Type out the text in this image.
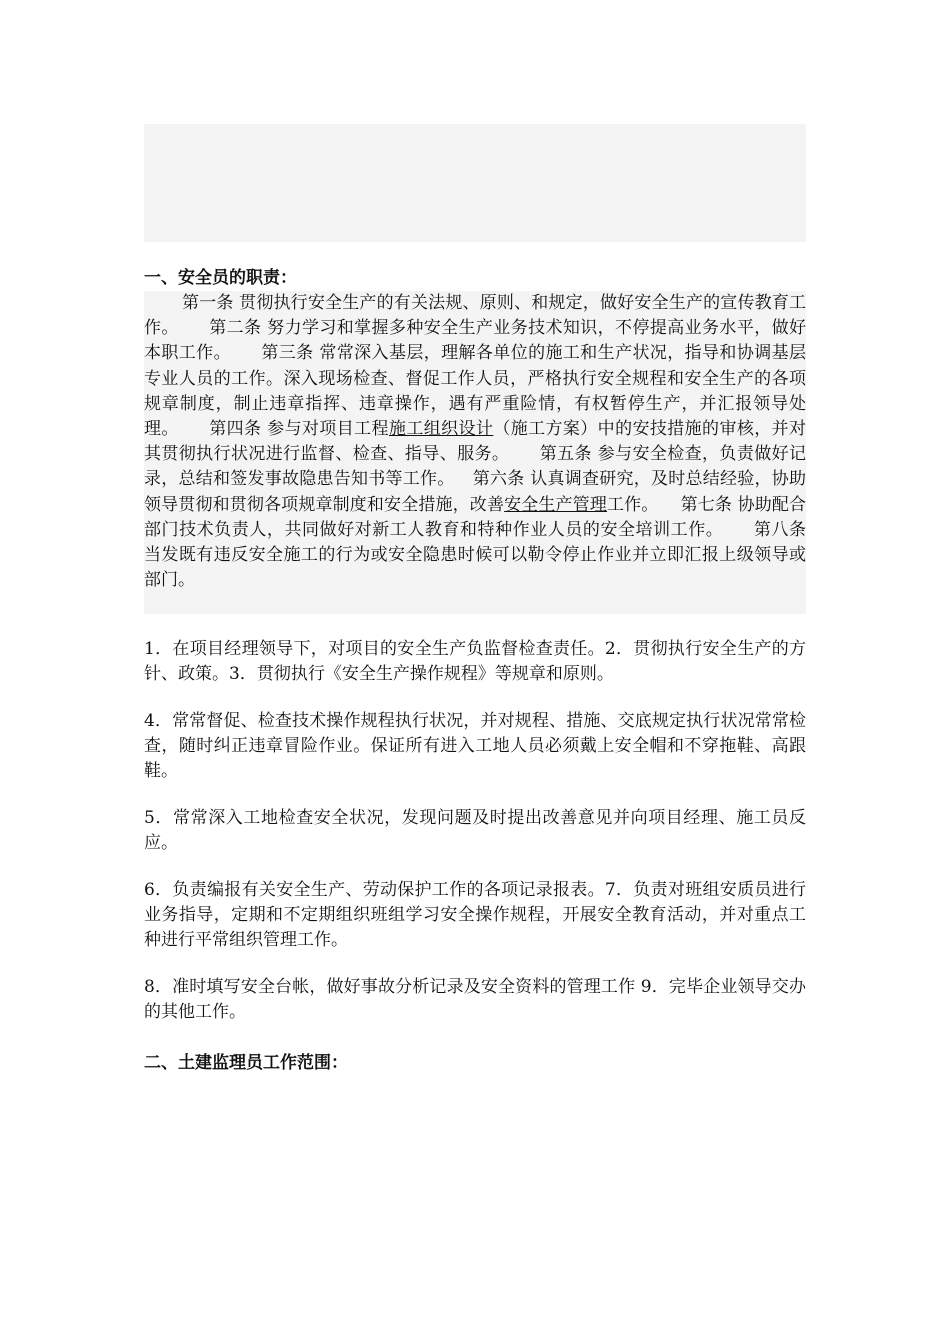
一、安全员的职责：
第一条 贯彻执行安全生产的有关法规、原则、和规定，做好安全生产的宣传教育工作。 第二条 努力学习和掌握多种安全生产业务技术知识，不停提高业务水平，做好本职工作。 第三条 常常深入基层，理解各单位的施工和生产状况，指导和协调基层专业人员的工作。深入现场检查、督促工作人员，严格执行安全规程和安全生产的各项规章制度，制止违章指挥、违章操作，遇有严重险情，有权暂停生产，并汇报领导处理。 第四条 参与对项目工程施工组织设计（施工方案）中的安技措施的审核，并对其贯彻执行状况进行监督、检查、指导、服务。 第五条 参与安全检查，负责做好记录，总结和签发事故隐患告知书等工作。 第六条 认真调查研究，及时总结经验，协助领导贯彻和贯彻各项规章制度和安全措施，改善安全生产管理工作。 第七条 协助配合部门技术负责人，共同做好对新工人教育和特种作业人员的安全培训工作。 第八条 当发既有违反安全施工的行为或安全隐患时候可以勒令停止作业并立即汇报上级领导或部门。
1．在项目经理领导下，对项目的安全生产负监督检查责任。2．贯彻执行安全生产的方针、政策。3．贯彻执行《安全生产操作规程》等规章和原则。
4．常常督促、检查技术操作规程执行状况，并对规程、措施、交底规定执行状况常常检查，随时纠正违章冒险作业。保证所有进入工地人员必须戴上安全帽和不穿拖鞋、高跟鞋。
5．常常深入工地检查安全状况，发现问题及时提出改善意见并向项目经理、施工员反应。
6．负责编报有关安全生产、劳动保护工作的各项记录报表。7．负责对班组安质员进行业务指导，定期和不定期组织班组学习安全操作规程，开展安全教育活动，并对重点工种进行平常组织管理工作。
8．准时填写安全台帐，做好事故分析记录及安全资料的管理工作 9．完毕企业领导交办的其他工作。
二、土建监理员工作范围：
